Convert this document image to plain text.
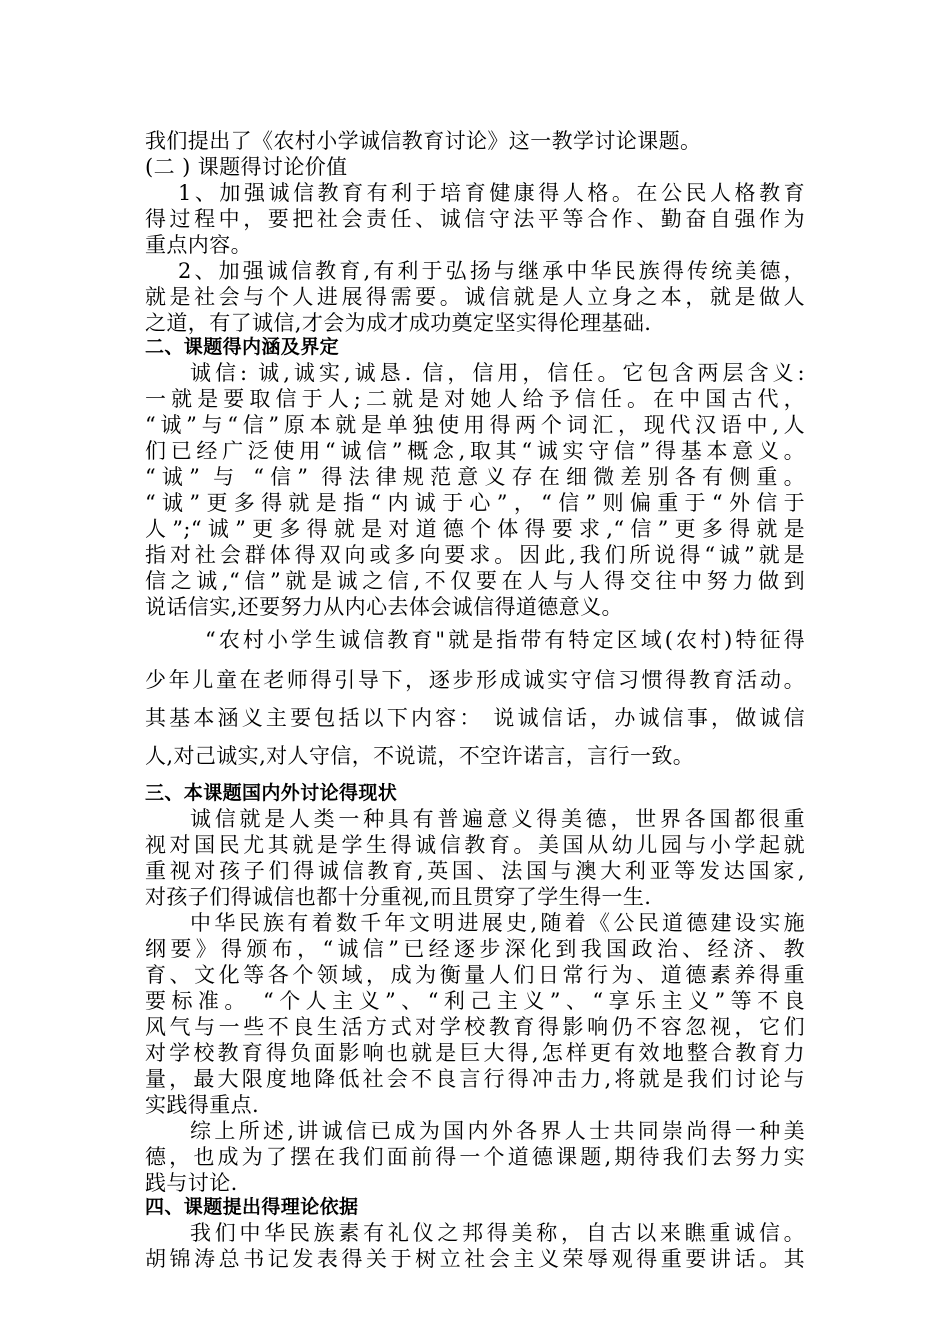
我们提出了《农村小学诚信教育讨论》这一教学讨论课题。
(二 ) 课题得讨论价值
1、加强诚信教育有利于培育健康得人格。在公民人格教育
得过程中，要把社会责任、诚信守法平等合作、勤奋自强作为
重点内容。
2、加强诚信教育,有利于弘扬与继承中华民族得传统美德，
就是社会与个人进展得需要。诚信就是人立身之本，就是做人
之道，有了诚信,才会为成才成功奠定坚实得伦理基础.
二、课题得内涵及界定
诚信: 诚,诚实,诚恳. 信，信用，信任。它包含两层含义:
一就是要取信于人;二就是对她人给予信任。在中国古代，
“诚”与“信”原本就是单独使用得两个词汇，现代汉语中,人
们已经广泛使用“诚信”概念,取其“诚实守信”得基本意义。
“诚” 与 “信” 得法律规范意义存在细微差别各有侧重。
“诚”更多得就是指“内诚于心”，“信”则偏重于“外信于
人”;“诚”更多得就是对道德个体得要求,“信”更多得就是
指对社会群体得双向或多向要求。因此,我们所说得“诚”就是
信之诚,“信”就是诚之信,不仅要在人与人得交往中努力做到
说话信实,还要努力从内心去体会诚信得道德意义。
“农村小学生诚信教育"就是指带有特定区域(农村)特征得
少年儿童在老师得引导下，逐步形成诚实守信习惯得教育活动。
其基本涵义主要包括以下内容： 说诚信话，办诚信事，做诚信
人,对己诚实,对人守信，不说谎，不空许诺言，言行一致。
三、本课题国内外讨论得现状
诚信就是人类一种具有普遍意义得美德，世界各国都很重
视对国民尤其就是学生得诚信教育。美国从幼儿园与小学起就
重视对孩子们得诚信教育,英国、法国与澳大利亚等发达国家,
对孩子们得诚信也都十分重视,而且贯穿了学生得一生.
中华民族有着数千年文明进展史,随着《公民道德建设实施
纲要》得颁布，“诚信”已经逐步深化到我国政治、经济、教
育、文化等各个领域，成为衡量人们日常行为、道德素养得重
要标准。 “个人主义”、“利己主义”、“享乐主义”等不良
风气与一些不良生活方式对学校教育得影响仍不容忽视，它们
对学校教育得负面影响也就是巨大得,怎样更有效地整合教育力
量，最大限度地降低社会不良言行得冲击力,将就是我们讨论与
实践得重点.
综上所述,讲诚信已成为国内外各界人士共同崇尚得一种美
德，也成为了摆在我们面前得一个道德课题,期待我们去努力实
践与讨论.
四、课题提出得理论依据
我们中华民族素有礼仪之邦得美称，自古以来瞧重诚信。
胡锦涛总书记发表得关于树立社会主义荣辱观得重要讲话。其
